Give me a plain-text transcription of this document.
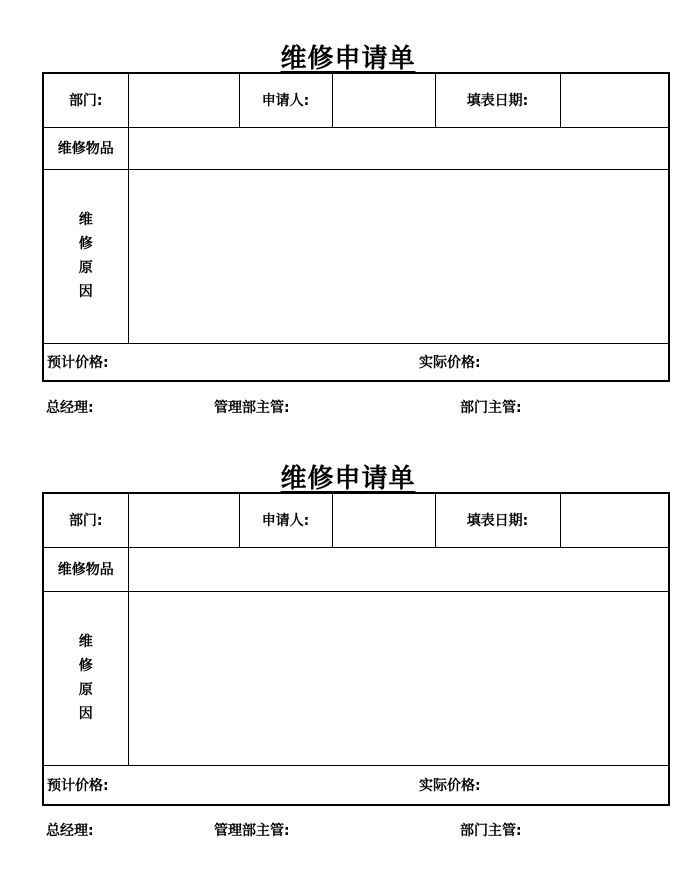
维修申请单
部门:		申请人:		填表日期:	
维修物品					

维
修
原
因					

预计价格: 实际价格:					
总经理:	管理部主管:	部门主管:
维修申请单
部门:		申请人:		填表日期:	
维修物品					

维
修
原
因					

预计价格: 实际价格:					
总经理:	管理部主管:	部门主管:
